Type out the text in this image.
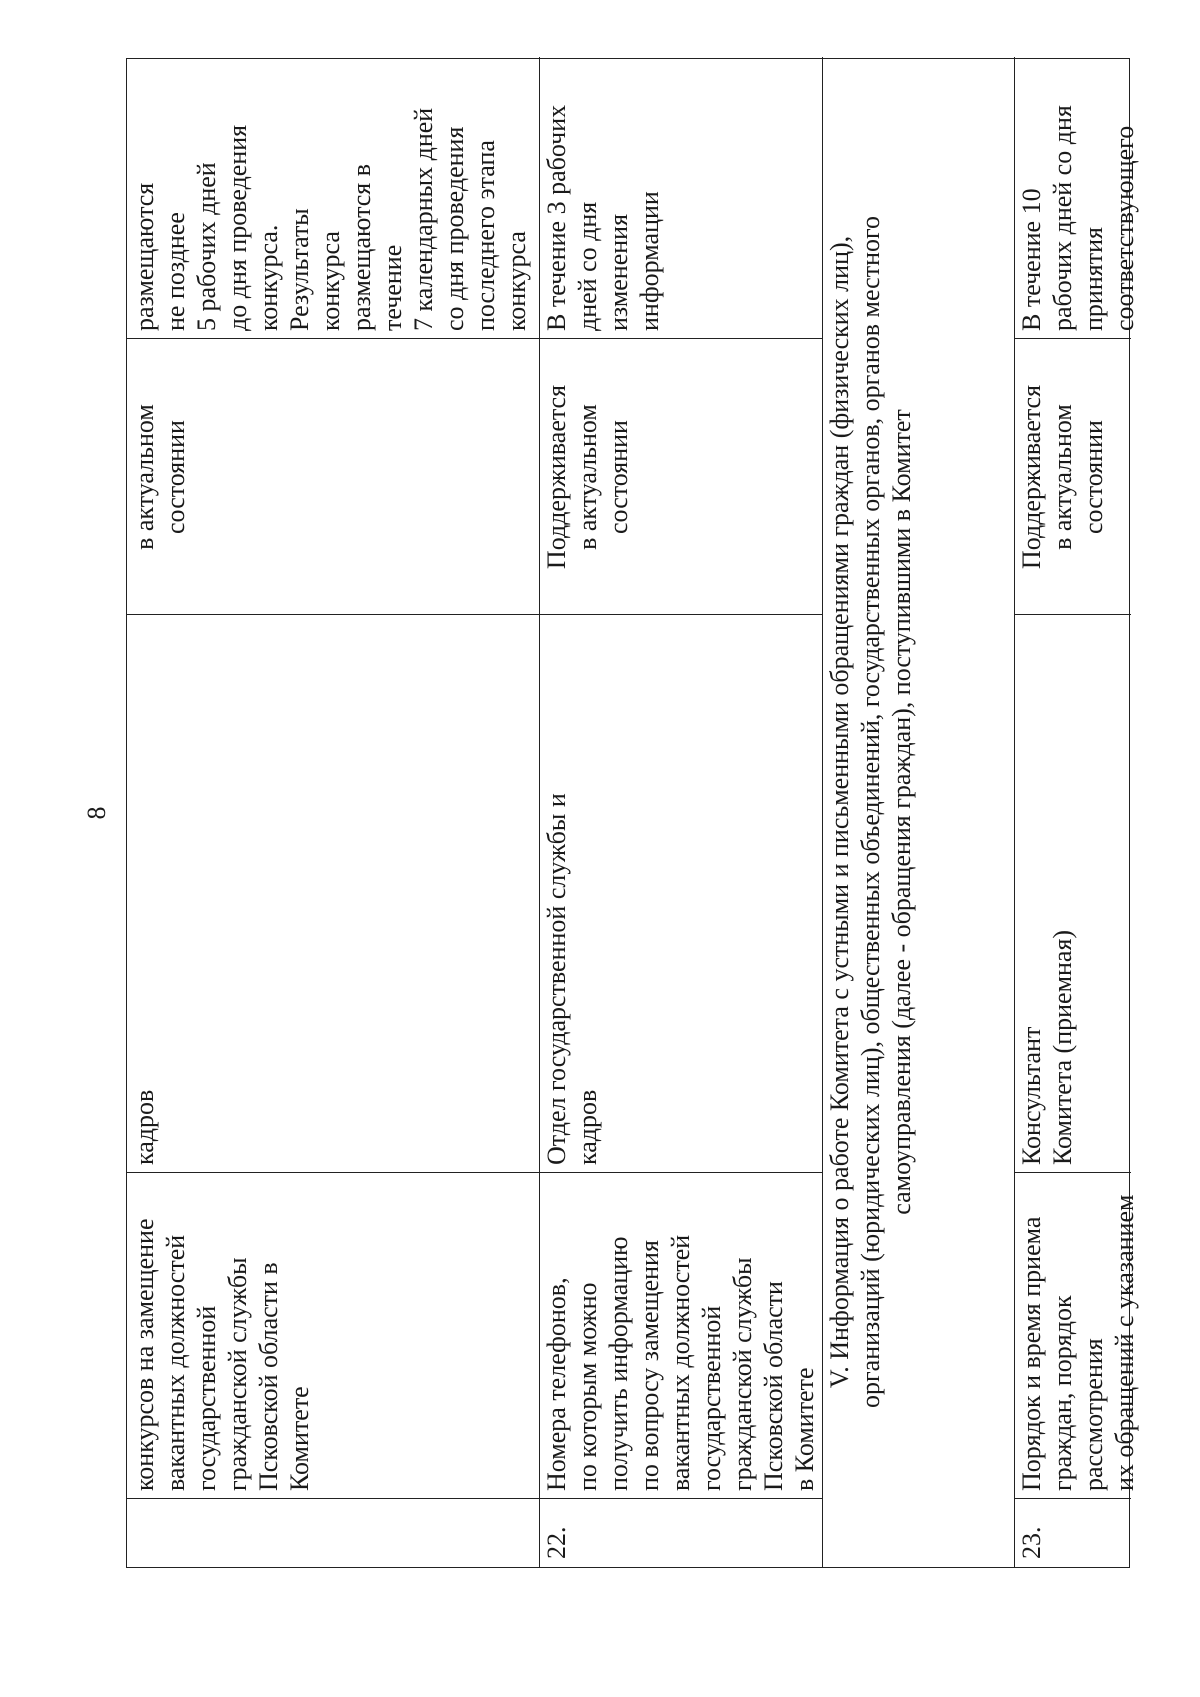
8
конкурсов на замещение вакантных должностей государственной гражданской службы Псковской области в Комитете
кадров
в актуальном состоянии
размещаются не позднее 5 рабочих дней до дня проведения конкурса. Результаты конкурса размещаются в течение 7 календарных дней со дня проведения последнего этапа конкурса
22.
Номера телефонов, по которым можно получить информацию по вопросу замещения вакантных должностей государственной гражданской службы Псковской области в Комитете
Отдел государственной службы и кадров
Поддерживается в актуальном состоянии
В течение 3 рабочих дней со дня изменения информации	V. Информация о работе Комитета с устными и письменными обращениями граждан (физических лиц), организаций (юридических лиц), общественных объединений, государственных органов, органов местного самоуправления (далее - обращения граждан), поступившими в Комитет
23.
Порядок и время приема граждан, порядок рассмотрения их обращений с указанием
Консультант Комитета (приемная)
Поддерживается в актуальном состоянии
В течение 10 рабочих дней со дня принятия соответствующего
